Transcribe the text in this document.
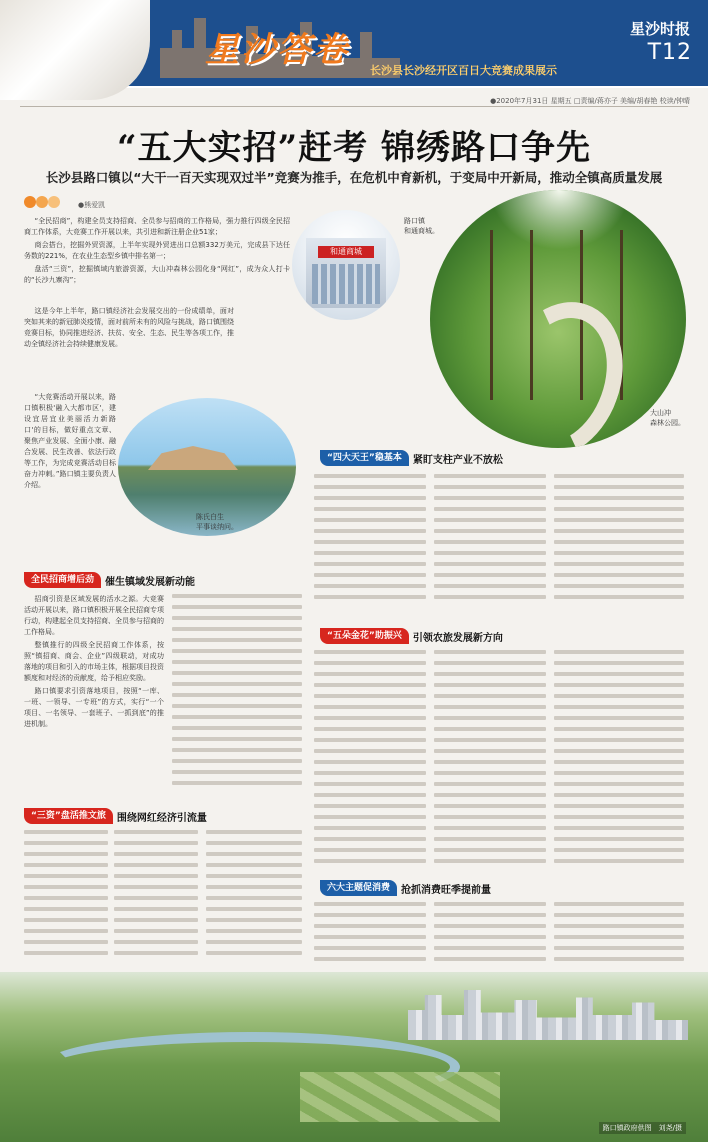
星沙答卷
星沙时报
T12
长沙县长沙经开区百日大竞赛成果展示
●2020年7月31日 星期五 □责编/蒋亦子 美编/胡春艳 校读/钟晴
“五大实招”赶考 锦绣路口争先
长沙县路口镇以“大干一百天实现双过半”竞赛为推手，在危机中育新机，于变局中开新局，推动全镇高质量发展
●熊爱凯

“全民招商”，构建全员支持招商、全员参与招商的工作格局，强力推行四级全民招商工作体系，大竞赛工作开展以来，共引进和新注册企业51家；

商会搭台，挖掘外贸资源，上半年实现外贸进出口总额332万美元，完成县下达任务数的221%，在农业生态型乡镇中排名第一；

盘活“三资”，挖掘镇域内旅游资源，大山冲森林公园化身“网红”，成为众人打卡的“长沙九寨沟”；

这是今年上半年，路口镇经济社会发展交出的一份成绩单，面对突如其来的新冠肺炎疫情，面对前所未有的风险与挑战，路口镇围绕竞赛目标，协同推进经济、扶贫、安全、生态、民生等各项工作，推动全镇经济社会持续健康发展。

“大竞赛活动开展以来，路口镇积极'融入大都市区'，建设宜居宜业美丽活力新路口'的目标，做好重点文章、聚焦产业发展、全面小康、融合发展、民生改善、依法行政等工作，为完成竞赛活动目标奋力冲刺。”路口镇主要负责人介绍。

和通商城
路口镇
和通商城。
大山冲
森林公园。
陈氏白生
平事谈纳问。
“四大天王”稳基本	紧盯支柱产业不放松
全民招商增后劲	催生镇域发展新动能

招商引资是区域发展的活水之源。大竞赛活动开展以来，路口镇积极开展全民招商专项行动，构建起全员支持招商、全员参与招商的工作格局。

整镇推行的四级全民招商工作体系，按照“镇招商、商会、企业”四级联动，对成功落地的项目和引入的市场主体，根据项目投资额度和对经济的贡献度，给予相应奖励。

路口镇要求引资落地项目，按照“一库、一班、一领导、一专班”的方式，实行“一个项目、一名领导、一套班子、一抓到底”的推进机制。

“五朵金花”助振兴	引领农旅发展新方向
“三资”盘活推文旅	围绕网红经济引流量
六大主题促消费	抢抓消费旺季提前量
路口镇政府供图　刘尧/摄
